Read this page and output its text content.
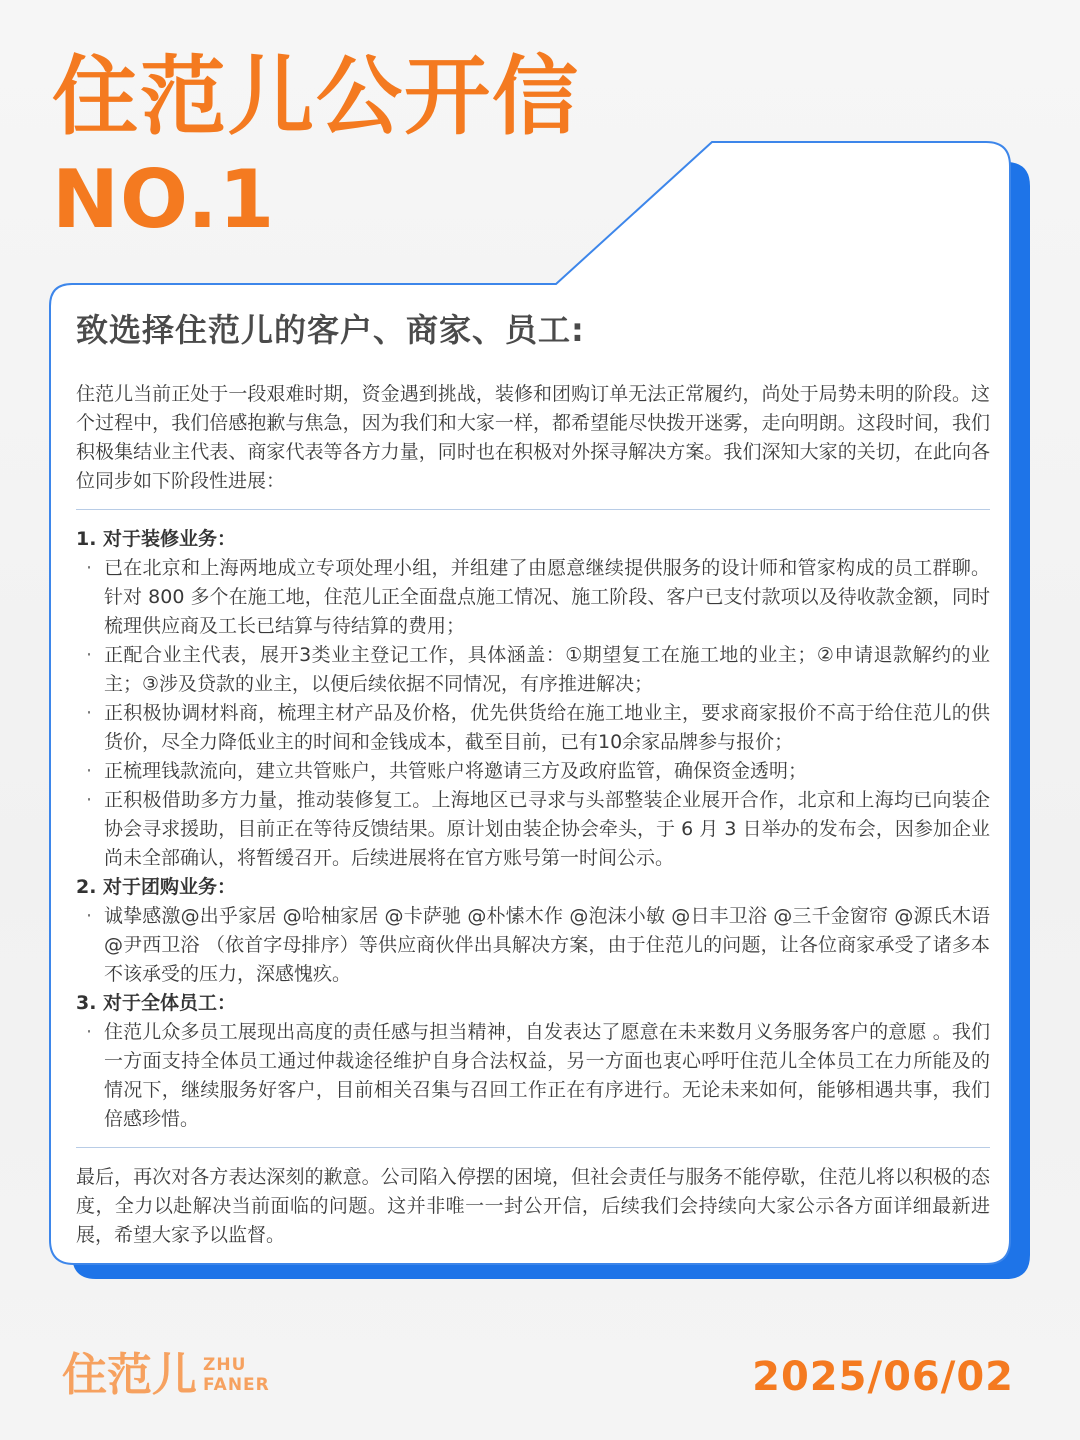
住范儿公开信
NO.1
致选择住范儿的客户、商家、员工:

住范儿当前正处于一段艰难时期，资金遇到挑战，装修和团购订单无法正常履约，尚处于局势未明的阶段。这个过程中，我们倍感抱歉与焦急，因为我们和大家一样，都希望能尽快拨开迷雾，走向明朗。这段时间，我们积极集结业主代表、商家代表等各方力量，同时也在积极对外探寻解决方案。我们深知大家的关切，在此向各位同步如下阶段性进展：

1. 对于装修业务：
· 已在北京和上海两地成立专项处理小组，并组建了由愿意继续提供服务的设计师和管家构成的员工群聊。针对 800 多个在施工地，住范儿正全面盘点施工情况、施工阶段、客户已支付款项以及待收款金额，同时梳理供应商及工长已结算与待结算的费用；
· 正配合业主代表，展开3类业主登记工作，具体涵盖：①期望复工在施工地的业主；②申请退款解约的业主；③涉及贷款的业主，以便后续依据不同情况，有序推进解决；
· 正积极协调材料商，梳理主材产品及价格，优先供货给在施工地业主，要求商家报价不高于给住范儿的供货价，尽全力降低业主的时间和金钱成本，截至目前，已有10余家品牌参与报价；
· 正梳理钱款流向，建立共管账户，共管账户将邀请三方及政府监管，确保资金透明；
· 正积极借助多方力量，推动装修复工。上海地区已寻求与头部整装企业展开合作，北京和上海均已向装企协会寻求援助，目前正在等待反馈结果。原计划由装企协会牵头，于 6 月 3 日举办的发布会，因参加企业尚未全部确认，将暂缓召开。后续进展将在官方账号第一时间公示。
2. 对于团购业务：
· 诚挚感激@出乎家居 @哈柚家居 @卡萨驰 @朴愫木作 @泡沫小敏 @日丰卫浴 @三千金窗帘 @源氏木语@尹西卫浴 （依首字母排序）等供应商伙伴出具解决方案，由于住范儿的问题，让各位商家承受了诸多本不该承受的压力，深感愧疚。
3. 对于全体员工：
· 住范儿众多员工展现出高度的责任感与担当精神，自发表达了愿意在未来数月义务服务客户的意愿 。我们一方面支持全体员工通过仲裁途径维护自身合法权益，另一方面也衷心呼吁住范儿全体员工在力所能及的情况下，继续服务好客户，目前相关召集与召回工作正在有序进行。无论未来如何，能够相遇共事，我们倍感珍惜。

最后，再次对各方表达深刻的歉意。公司陷入停摆的困境，但社会责任与服务不能停歇，住范儿将以积极的态度，全力以赴解决当前面临的问题。这并非唯一一封公开信，后续我们会持续向大家公示各方面详细最新进展，希望大家予以监督。

住范儿 ZHU
FANER	2025/06/02
